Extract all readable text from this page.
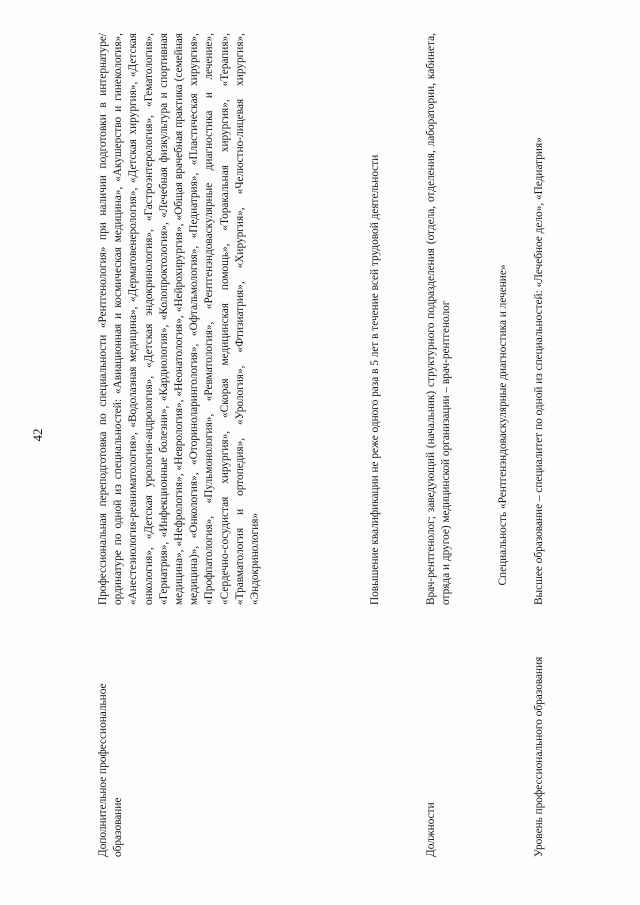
42
Дополнительное профессиональное образование
Профессиональная переподготовка по специальности «Рентгенология» при наличии подготовки в интернатуре/ординатуре по одной из специальностей: «Авиационная и космическая медицина», «Акушерство и гинекология», «Анестезиология-реаниматология», «Водолазная медицина», «Дерматовенерология», «Детская хирургия», «Детская онкология», «Детская урология-андрология», «Детская эндокринология», «Гастроэнтерология», «Гематология», «Гериатрия», «Инфекционные болезни», «Кардиология», «Колопроктология», «Лечебная физкультура и спортивная медицина», «Нефрология», «Неврология», «Неонатология», «Нейрохирургия», «Общая врачебная практика (семейная медицина)», «Онкология», «Оториноларингология», «Офтальмология», «Педиатрия», «Пластическая хирургия», «Профпатология», «Пульмонология», «Ревматология», «Рентгенэндоваскулярные диагностика и лечение», «Сердечно-сосудистая хирургия», «Скорая медицинская помощь», «Торакальная хирургия», «Терапия», «Травматология и ортопедия», «Урология», «Фтизиатрия», «Хирургия», «Челюстно-лицевая хирургия», «Эндокринология»	Повышение квалификации не реже одного раза в 5 лет в течение всей трудовой деятельности
Должности
Врач-рентгенолог; заведующий (начальник) структурного подразделения (отдела, отделения, лаборатории, кабинета, отряда и другое) медицинской организации – врач-рентгенолог	Специальность «Рентгенэндоваскулярные диагностика и лечение»
Уровень профессионального образования
Высшее образование – специалитет по одной из специальностей: «Лечебное дело», «Педиатрия»
